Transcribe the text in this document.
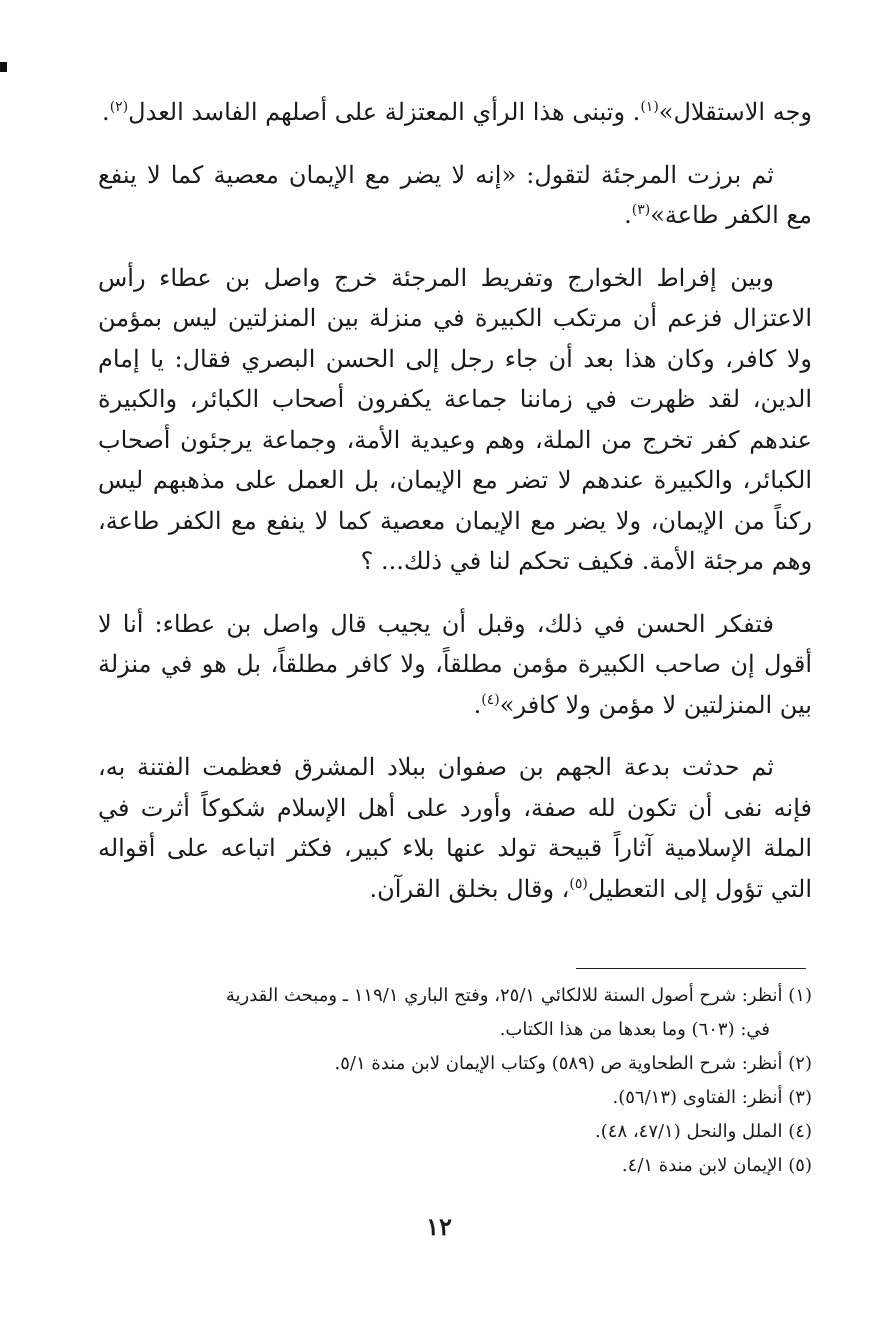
وجه الاستقلال»$^{(١)}$. وتبنى هذا الرأي المعتزلة على أصلهم الفاسد العدل$^{(٢)}$.

ثم برزت المرجئة لتقول: «إنه لا يضر مع الإيمان معصية كما لا ينفع مع الكفر طاعة»$^{(٣)}$.

وبين إفراط الخوارج وتفريط المرجئة خرج واصل بن عطاء رأس الاعتزال فزعم أن مرتكب الكبيرة في منزلة بين المنزلتين ليس بمؤمن ولا كافر، وكان هذا بعد أن جاء رجل إلى الحسن البصري فقال: يا إمام الدين، لقد ظهرت في زماننا جماعة يكفرون أصحاب الكبائر، والكبيرة عندهم كفر تخرج من الملة، وهم وعيدية الأمة، وجماعة يرجئون أصحاب الكبائر، والكبيرة عندهم لا تضر مع الإيمان، بل العمل على مذهبهم ليس ركناً من الإيمان، ولا يضر مع الإيمان معصية كما لا ينفع مع الكفر طاعة، وهم مرجئة الأمة. فكيف تحكم لنا في ذلك... ؟

فتفكر الحسن في ذلك، وقبل أن يجيب قال واصل بن عطاء: أنا لا أقول إن صاحب الكبيرة مؤمن مطلقاً، ولا كافر مطلقاً، بل هو في منزلة بين المنزلتين لا مؤمن ولا كافر»$^{(٤)}$.

ثم حدثت بدعة الجهم بن صفوان ببلاد المشرق فعظمت الفتنة به، فإنه نفى أن تكون لله صفة، وأورد على أهل الإسلام شكوكاً أثرت في الملة الإسلامية آثاراً قبيحة تولد عنها بلاء كبير، فكثر اتباعه على أقواله التي تؤول إلى التعطيل$^{(٥)}$، وقال بخلق القرآن.

(١) أنظر: شرح أصول السنة للالكائي ٢٥/١، وفتح الباري ١١٩/١ ـ ومبحث القدرية

في: (٦٠٣) وما بعدها من هذا الكتاب.

(٢) أنظر: شرح الطحاوية ص (٥٨٩) وكتاب الإيمان لابن مندة ٥/١.

(٣) أنظر: الفتاوى (٥٦/١٣).

(٤) الملل والنحل (٤٧/١، ٤٨).

(٥) الإيمان لابن مندة ٤/١.

١٢
